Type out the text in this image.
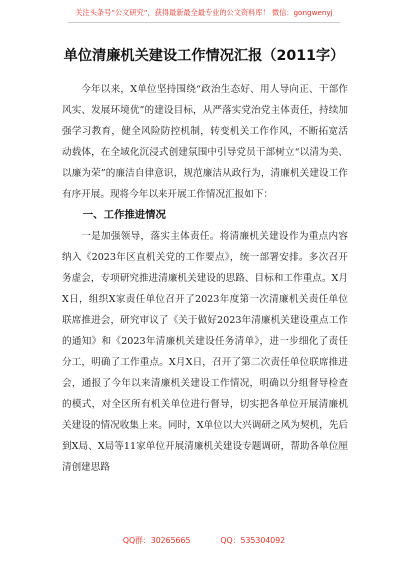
关注头条号“公文研究”，获得最新最全最专业的公文资料库！ 微信：gongwenyj
单位清廉机关建设工作情况汇报（2011字）

今年以来，X单位坚持围绕“政治生态好、用人导向正、干部作风实、发展环境优”的建设目标，从严落实党治党主体责任，持续加强学习教育，健全风险防控机制，转变机关工作作风，不断拓宽活动载体，在全域化沉浸式创建氛围中引导党员干部树立“以清为美、以廉为荣”的廉洁自律意识，规范廉洁从政行为，清廉机关建设工作有序开展。现将今年以来开展工作情况汇报如下：

一、工作推进情况

一是加强领导，落实主体责任。将清廉机关建设作为重点内容纳入《2023年区直机关党的工作要点》，统一部署安排。多次召开务虚会，专项研究推进清廉机关建设的思路、目标和工作重点。X月X日，组织X家责任单位召开了2023年度第一次清廉机关责任单位联席推进会，研究审议了《关于做好2023年清廉机关建设重点工作的通知》和《2023年清廉机关建设任务清单》，进一步细化了责任分工，明确了工作重点。X月X日，召开了第二次责任单位联席推进会，通报了今年以来清廉机关建设工作情况，明确以分组督导检查的模式，对全区所有机关单位进行督导，切实把各单位开展清廉机关建设的情况收集上来。同时，X单位以大兴调研之风为契机，先后到X局、X局等11家单位开展清廉机关建设专题调研，帮助各单位厘清创建思路

QQ群：30265665	QQ：535304092
